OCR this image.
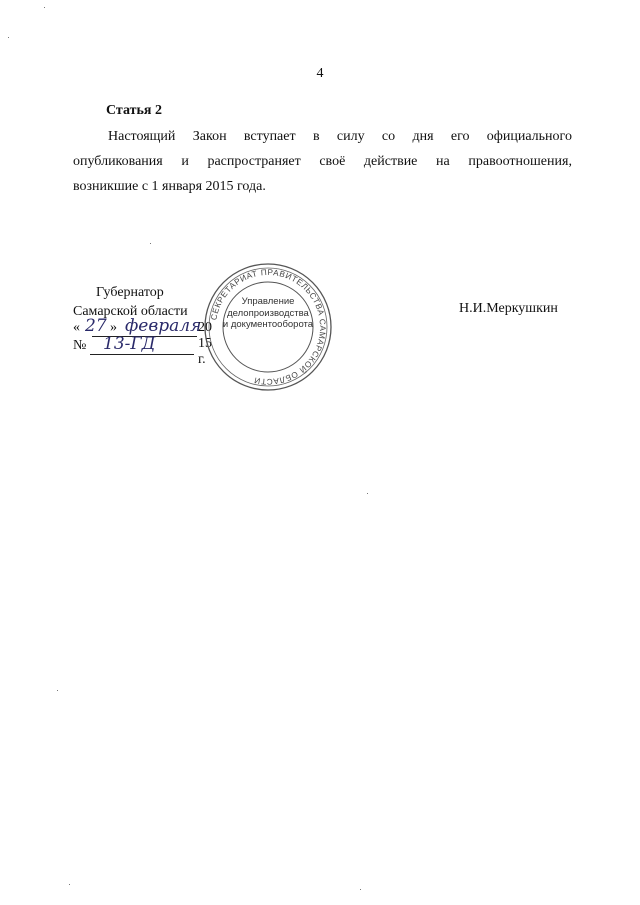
4
Статья 2
Настоящий Закон вступает в силу со дня его официального
опубликования и распространяет своё действие на правоотношения,
возникшие с 1 января 2015 года.
Губернатор
Самарской области	Н.И.Меркушкин
« 27 » февраля
20 15 г.
№ 13-ГД
СЕКРЕТАРИАТ ПРАВИТЕЛЬСТВА САМАРСКОЙ ОБЛАСТИ
Управление
делопроизводства
и документооборота
